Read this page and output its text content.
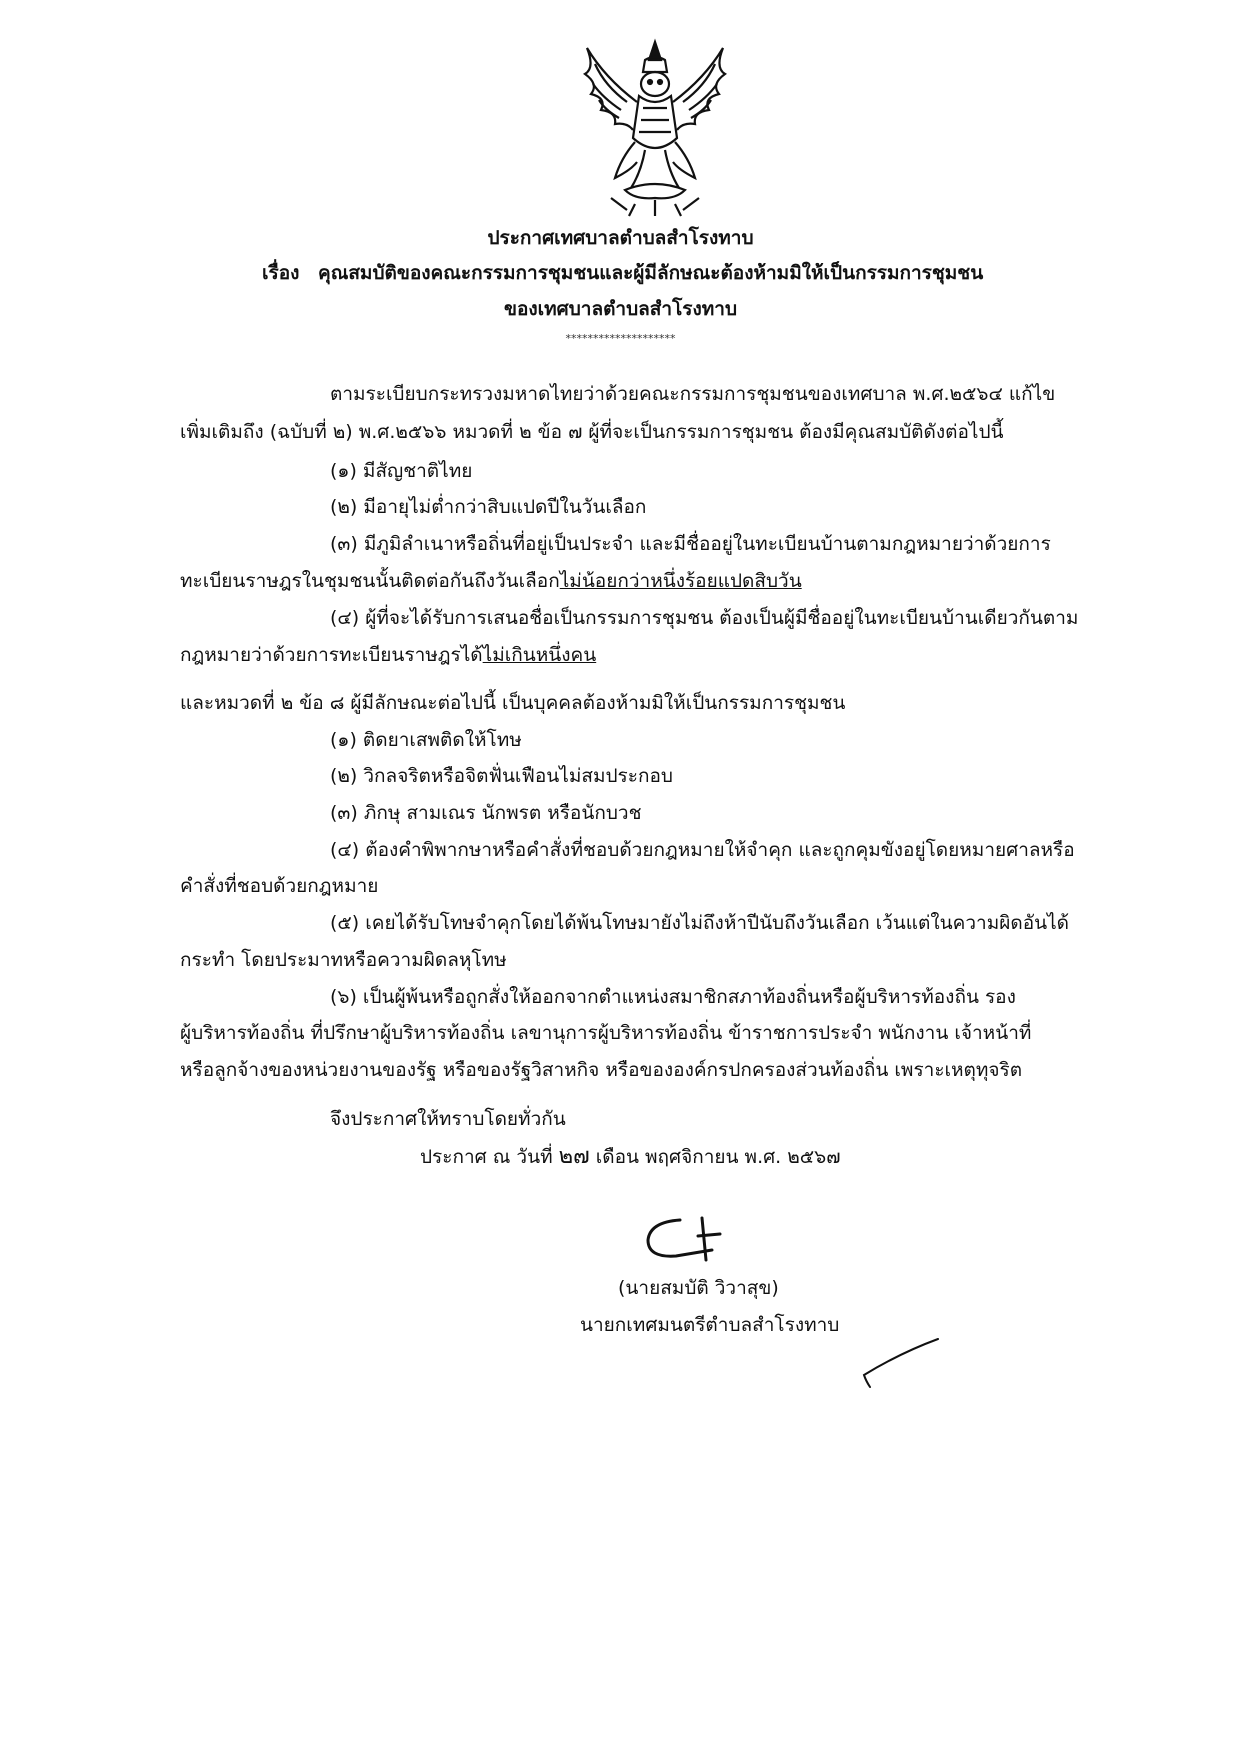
ประกาศเทศบาลตำบลสำโรงทาบ
เรื่อง คุณสมบัติของคณะกรรมการชุมชนและผู้มีลักษณะต้องห้ามมิให้เป็นกรรมการชุมชน
ของเทศบาลตำบลสำโรงทาบ
********************
ตามระเบียบกระทรวงมหาดไทยว่าด้วยคณะกรรมการชุมชนของเทศบาล พ.ศ.๒๕๖๔ แก้ไข
เพิ่มเติมถึง (ฉบับที่ ๒) พ.ศ.๒๕๖๖ หมวดที่ ๒ ข้อ ๗ ผู้ที่จะเป็นกรรมการชุมชน ต้องมีคุณสมบัติดังต่อไปนี้
(๑) มีสัญชาติไทย
(๒) มีอายุไม่ต่ำกว่าสิบแปดปีในวันเลือก
(๓) มีภูมิลำเนาหรือถิ่นที่อยู่เป็นประจำ และมีชื่ออยู่ในทะเบียนบ้านตามกฎหมายว่าด้วยการ
ทะเบียนราษฎรในชุมชนนั้นติดต่อกันถึงวันเลือกไม่น้อยกว่าหนึ่งร้อยแปดสิบวัน
(๔) ผู้ที่จะได้รับการเสนอชื่อเป็นกรรมการชุมชน ต้องเป็นผู้มีชื่ออยู่ในทะเบียนบ้านเดียวกันตาม
กฎหมายว่าด้วยการทะเบียนราษฎรได้ไม่เกินหนึ่งคน
และหมวดที่ ๒ ข้อ ๘ ผู้มีลักษณะต่อไปนี้ เป็นบุคคลต้องห้ามมิให้เป็นกรรมการชุมชน
(๑) ติดยาเสพติดให้โทษ
(๒) วิกลจริตหรือจิตฟั่นเฟือนไม่สมประกอบ
(๓) ภิกษุ สามเณร นักพรต หรือนักบวช
(๔) ต้องคำพิพากษาหรือคำสั่งที่ชอบด้วยกฎหมายให้จำคุก และถูกคุมขังอยู่โดยหมายศาลหรือ
คำสั่งที่ชอบด้วยกฎหมาย
(๕) เคยได้รับโทษจำคุกโดยได้พ้นโทษมายังไม่ถึงห้าปีนับถึงวันเลือก เว้นแต่ในความผิดอันได้
กระทำ โดยประมาทหรือความผิดลหุโทษ
(๖) เป็นผู้พ้นหรือถูกสั่งให้ออกจากตำแหน่งสมาชิกสภาท้องถิ่นหรือผู้บริหารท้องถิ่น รอง
ผู้บริหารท้องถิ่น ที่ปรึกษาผู้บริหารท้องถิ่น เลขานุการผู้บริหารท้องถิ่น ข้าราชการประจำ พนักงาน เจ้าหน้าที่
หรือลูกจ้างของหน่วยงานของรัฐ หรือของรัฐวิสาหกิจ หรือขององค์กรปกครองส่วนท้องถิ่น เพราะเหตุทุจริต
จึงประกาศให้ทราบโดยทั่วกัน
ประกาศ ณ วันที่ ๒๗ เดือน พฤศจิกายน พ.ศ. ๒๕๖๗
(นายสมบัติ วิวาสุข)
นายกเทศมนตรีตำบลสำโรงทาบ
